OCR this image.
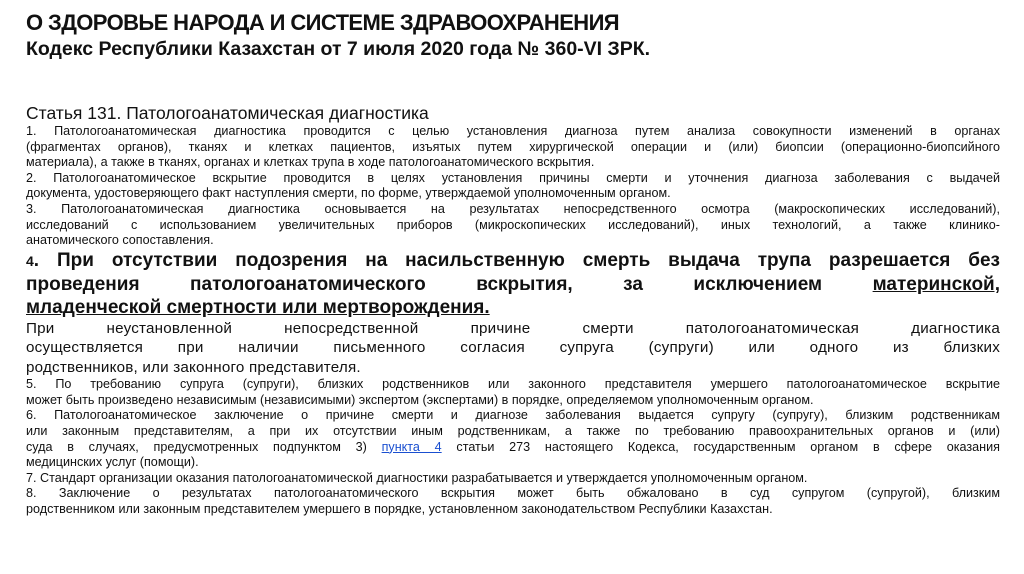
О ЗДОРОВЬЕ НАРОДА И СИСТЕМЕ ЗДРАВООХРАНЕНИЯ
Кодекс Республики Казахстан от 7 июля 2020 года № 360-VI ЗРК.
Статья 131. Патологоанатомическая диагностика
1. Патологоанатомическая диагностика проводится с целью установления диагноза путем анализа совокупности изменений в органах
(фрагментах органов), тканях и клетках пациентов, изъятых путем хирургической операции и (или) биопсии (операционно-биопсийного
материала), а также в тканях, органах и клетках трупа в ходе патологоанатомического вскрытия.
2. Патологоанатомическое вскрытие проводится в целях установления причины смерти и уточнения диагноза заболевания с выдачей
документа, удостоверяющего факт наступления смерти, по форме, утверждаемой уполномоченным органом.
3. Патологоанатомическая диагностика основывается на результатах непосредственного осмотра (макроскопических исследований),
исследований с использованием увеличительных приборов (микроскопических исследований), иных технологий, а также клинико-
анатомического сопоставления.
4. При отсутствии подозрения на насильственную смерть выдача трупа разрешается без
проведения патологоанатомического вскрытия, за исключением	материнской,
младенческой смертности или мертворождения.
При неустановленной непосредственной причине смерти патологоанатомическая диагностика
осуществляется при наличии письменного согласия супруга (супруги) или одного из близких
родственников, или законного представителя.
5. По требованию супруга (супруги), близких родственников или законного представителя умершего патологоанатомическое вскрытие
может быть произведено независимым (независимыми) экспертом (экспертами) в порядке, определяемом уполномоченным органом.
6. Патологоанатомическое заключение о причине смерти и диагнозе заболевания выдается супругу (супругу), близким родственникам
или законным представителям, а при их отсутствии иным родственникам, а также по требованию правоохранительных органов и (или)
суда в случаях, предусмотренных подпунктом 3) пункта 4 статьи 273 настоящего Кодекса, государственным органом в сфере оказания
медицинских услуг (помощи).
7. Стандарт организации оказания патологоанатомической диагностики разрабатывается и утверждается уполномоченным органом.
8. Заключение о результатах патологоанатомического вскрытия может быть обжаловано в суд супругом (супругой), близким
родственником или законным представителем умершего в порядке, установленном законодательством Республики Казахстан.
